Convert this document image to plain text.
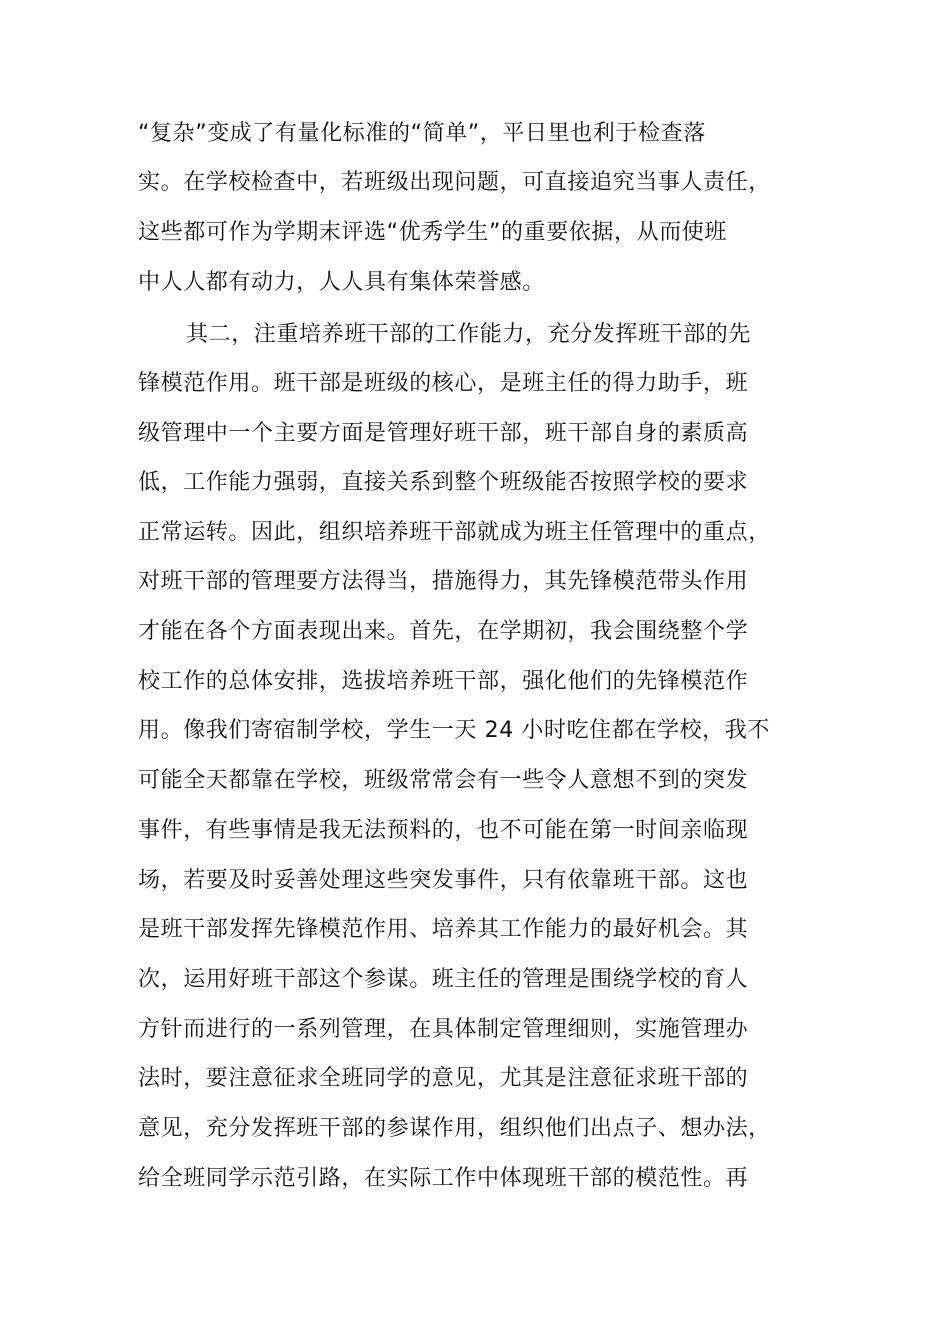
“复杂”变成了有量化标准的“简单”，平日里也利于检查落
实。在学校检查中，若班级出现问题，可直接追究当事人责任，
这些都可作为学期末评选“优秀学生”的重要依据，从而使班
中人人都有动力，人人具有集体荣誉感。
其二，注重培养班干部的工作能力，充分发挥班干部的先
锋模范作用。班干部是班级的核心，是班主任的得力助手，班
级管理中一个主要方面是管理好班干部，班干部自身的素质高
低，工作能力强弱，直接关系到整个班级能否按照学校的要求
正常运转。因此，组织培养班干部就成为班主任管理中的重点，
对班干部的管理要方法得当，措施得力，其先锋模范带头作用
才能在各个方面表现出来。首先，在学期初，我会围绕整个学
校工作的总体安排，选拔培养班干部，强化他们的先锋模范作
用。像我们寄宿制学校，学生一天 24 小时吃住都在学校，我不
可能全天都靠在学校，班级常常会有一些令人意想不到的突发
事件，有些事情是我无法预料的，也不可能在第一时间亲临现
场，若要及时妥善处理这些突发事件，只有依靠班干部。这也
是班干部发挥先锋模范作用、培养其工作能力的最好机会。其
次，运用好班干部这个参谋。班主任的管理是围绕学校的育人
方针而进行的一系列管理，在具体制定管理细则，实施管理办
法时，要注意征求全班同学的意见，尤其是注意征求班干部的
意见，充分发挥班干部的参谋作用，组织他们出点子、想办法，
给全班同学示范引路，在实际工作中体现班干部的模范性。再
